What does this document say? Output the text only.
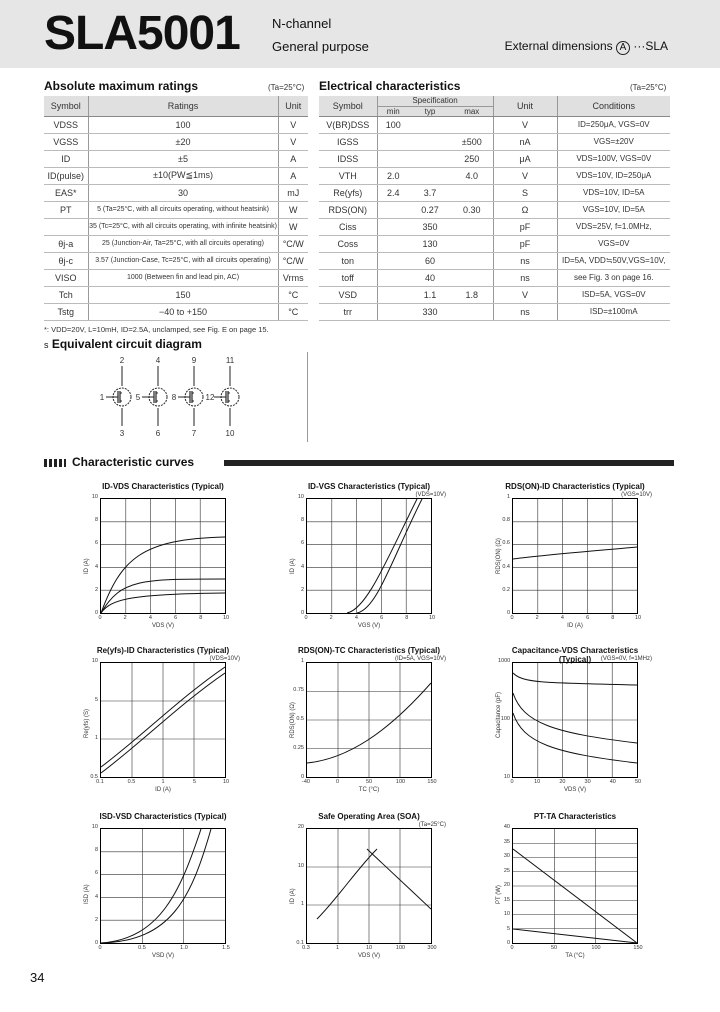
SLA5001 N-channel
General purpose	External dimensions A ···SLA
Absolute maximum ratings	(Ta=25°C)
Symbol	Ratings	Unit
VDSS	100	V
VGSS	±20	V
ID	±5	A
ID(pulse)	±10(PW≦1ms)	A
EAS*	30	mJ
PT	5 (Ta=25°C, with all circuits operating, without heatsink)	W
	35 (Tc=25°C, with all circuits operating, with infinite heatsink)	W
θj-a	25 (Junction-Air, Ta=25°C, with all circuits operating)	°C/W
θj-c	3.57 (Junction-Case, Tc=25°C, with all circuits operating)	°C/W
VISO	1000 (Between fin and lead pin, AC)	Vrms
Tch	150	°C
Tstg	−40 to +150	°C
*: VDD=20V, L=10mH, ID=2.5A, unclamped, see Fig. E on page 15.
Electrical characteristics	(Ta=25°C)
Symbol	Specification			Unit	Conditions
	min	typ	max		
V(BR)DSS	100			V	ID=250μA, VGS=0V
IGSS			±500	nA	VGS=±20V
IDSS			250	μA	VDS=100V, VGS=0V
VTH	2.0		4.0	V	VDS=10V, ID=250μA
Re(yfs)	2.4	3.7		S	VDS=10V, ID=5A
RDS(ON)		0.27	0.30	Ω	VGS=10V, ID=5A
Ciss		350		pF	VDS=25V, f=1.0MHz,
Coss		130		pF	VGS=0V
ton		60		ns	ID=5A, VDD≒50V,VGS=10V,
toff		40		ns	see Fig. 3 on page 16.
VSD		1.1	1.8	V	ISD=5A, VGS=0V
trr		330		ns	ISD=±100mA
s Equivalent circuit diagram
2
1
3
4
5
6
9
8
7
11
12
10
Characteristic curves
ID-VDS Characteristics (Typical)
0	2	4	6	8	10
0
2
4
6
8
10
VDS (V)
ID (A)
ID-VGS Characteristics (Typical)
(VDS=10V)
0	2	4	6	8	10
0
2
4
6
8
10
VGS (V)
ID (A)
RDS(ON)-ID Characteristics (Typical)
(VGS=10V)
0	2	4	6	8	10
0
0.2
0.4
0.6
0.8
1
ID (A)
RDS(ON) (Ω)
Re(yfs)-ID Characteristics (Typical)
(VDS=10V)
0.1	0.5	1	5	10
0.5
1
5
10
ID (A)
Re(yfs) (S)
RDS(ON)-TC Characteristics (Typical)
(ID=5A, VGS=10V)
-40	0	50	100	150
0
0.25
0.5
0.75
1
TC (°C)
RDS(ON) (Ω)
Capacitance-VDS Characteristics (Typical)	(VGS=0V, f=1MHz)
0	10	20	30	40	50
10
100
1000
VDS (V)
Capacitance (pF)
ISD-VSD Characteristics (Typical)
0	0.5	1.0	1.5
0
2
4
6
8
10
VSD (V)
ISD (A)
Safe Operating Area (SOA)
(Ta=25°C)
0.3	1	10	100	300
0.1
1
10
20
VDS (V)
ID (A)
PT-TA Characteristics
0	50	100	150
0
5
10
15
20
25
30
35
40
TA (°C)
PT (W)
34
